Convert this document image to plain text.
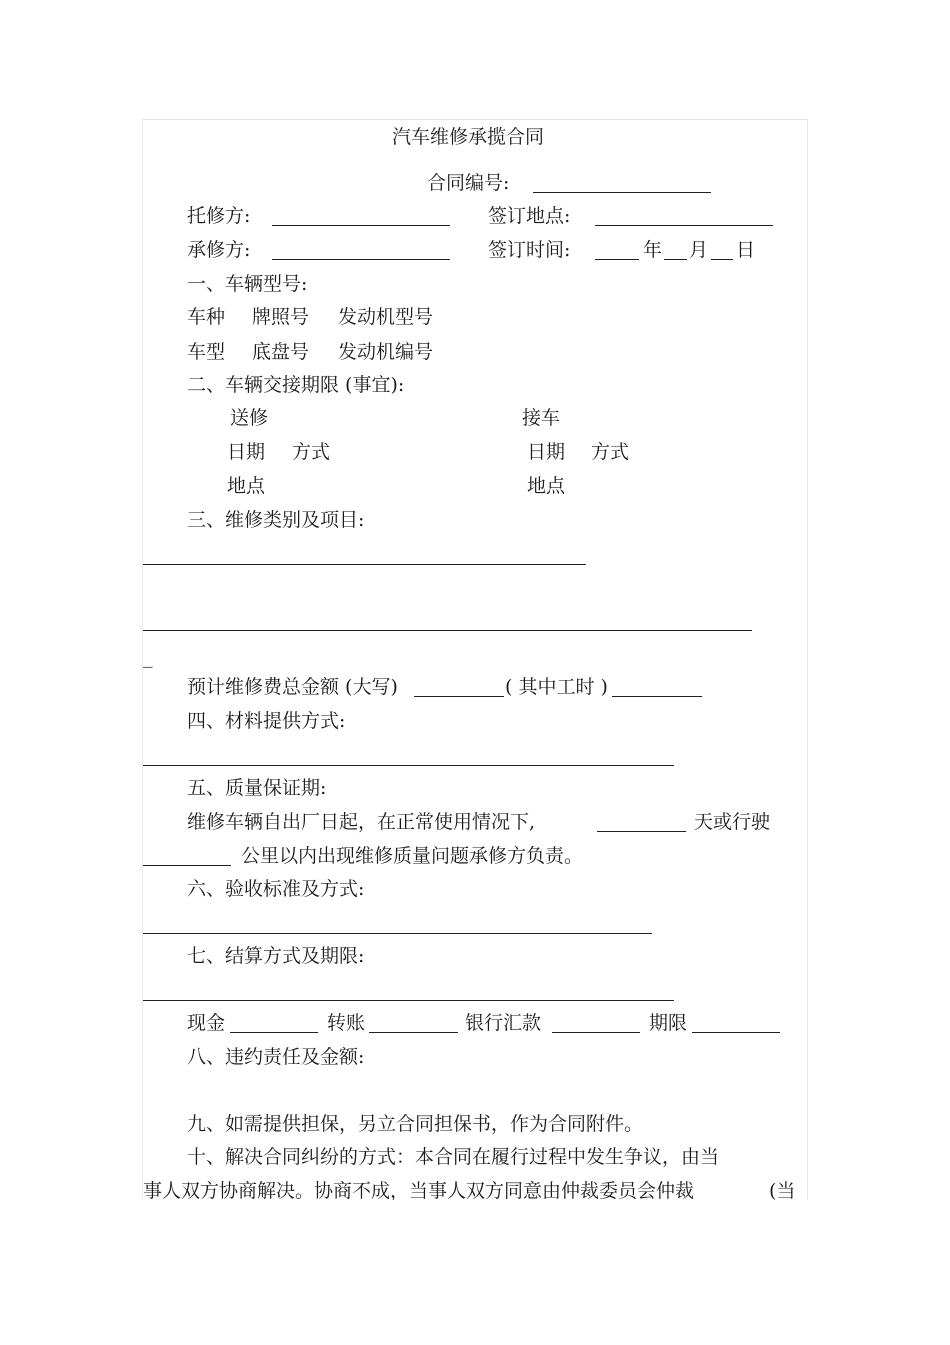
汽车维修承揽合同
合同编号:
托修方:	签订地点:
承修方:	签订时间:	年 月 日
一、车辆型号:
车种 牌照号 发动机型号
车型 底盘号 发动机编号
二、车辆交接期限 (事宜):
送修	接车
日期 方式	日期 方式
地点	地点
三、维修类别及项目:
_
预计维修费总金额 (大写)	( 其中工时 )
四、材料提供方式:
五、质量保证期:
维修车辆自出厂日起，在正常使用情况下,	天或行驶
公里以内出现维修质量问题承修方负责。
六、验收标准及方式:
七、结算方式及期限:
现金	转账	银行汇款	期限
八、违约责任及金额:
九、如需提供担保，另立合同担保书，作为合同附件。
十、解决合同纠纷的方式：本合同在履行过程中发生争议，由当
事人双方协商解决。协商不成，当事人双方同意由仲裁委员会仲裁	(当
